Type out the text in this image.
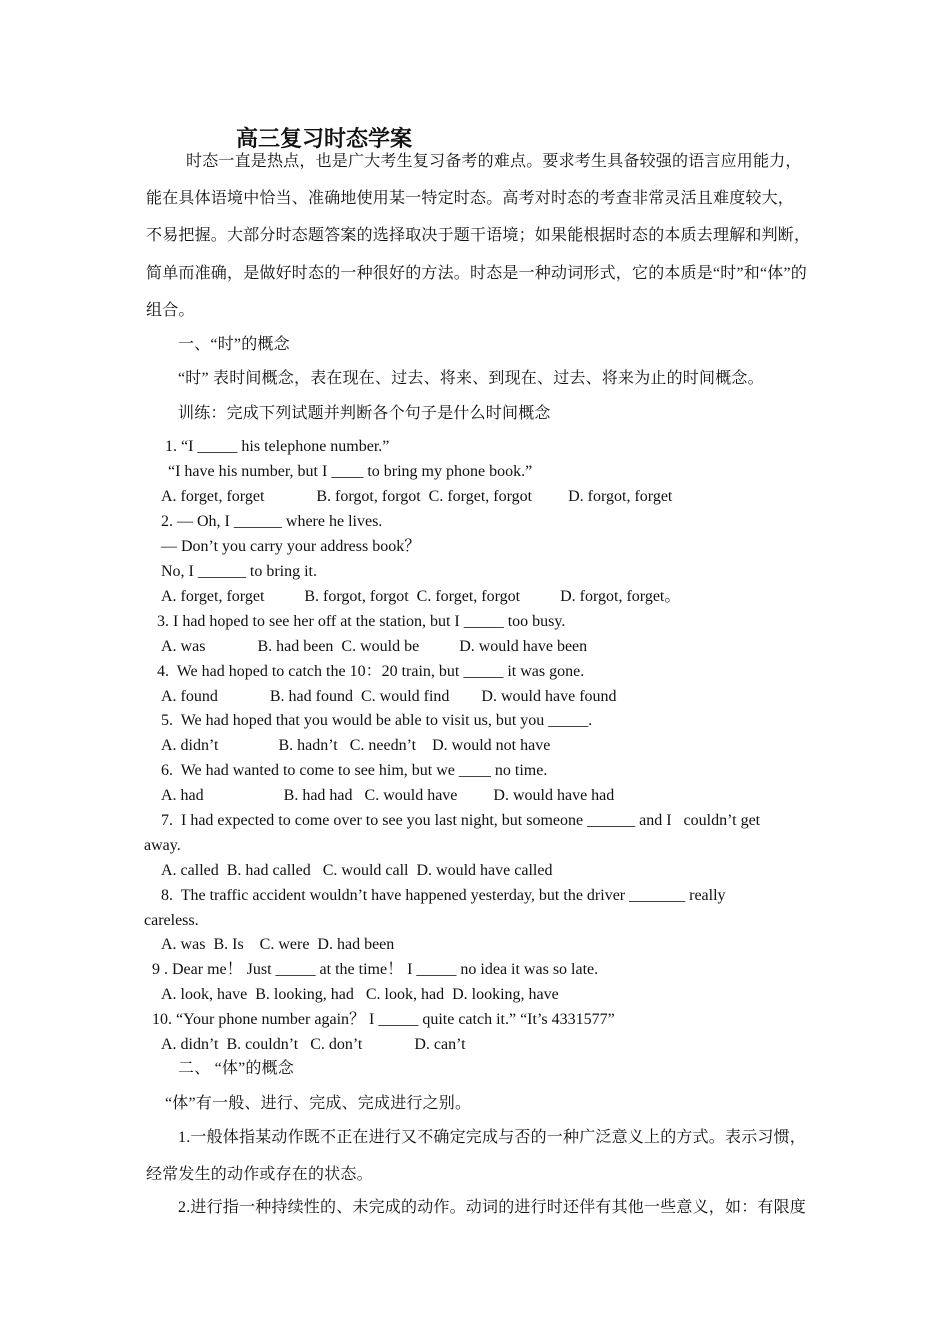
高三复习时态学案
时态一直是热点，也是广大考生复习备考的难点。要求考生具备较强的语言应用能力，
能在具体语境中恰当、准确地使用某一特定时态。高考对时态的考查非常灵活且难度较大，
不易把握。大部分时态题答案的选择取决于题干语境；如果能根据时态的本质去理解和判断，
简单而准确，是做好时态的一种很好的方法。时态是一种动词形式，它的本质是“时”和“体”的
组合。
一、“时”的概念
“时” 表时间概念，表在现在、过去、将来、到现在、过去、将来为止的时间概念。
训练：完成下列试题并判断各个句子是什么时间概念
1. “I _____ his telephone number.”
“I have his number, but I ____ to bring my phone book.”
A. forget, forget             B. forgot, forgot  C. forget, forgot         D. forgot, forget
2. — Oh, I ______ where he lives.
— Don’t you carry your address book？
No, I ______ to bring it.
A. forget, forget          B. forgot, forgot  C. forget, forgot          D. forgot, forget。
3. I had hoped to see her off at the station, but I _____ too busy.
A. was             B. had been  C. would be          D. would have been
4.  We had hoped to catch the 10：20 train, but _____ it was gone.
A. found             B. had found  C. would find        D. would have found
5.  We had hoped that you would be able to visit us, but you _____.
A. didn’t               B. hadn’t   C. needn’t    D. would not have
6.  We had wanted to come to see him, but we ____ no time.
A. had                    B. had had   C. would have         D. would have had
7.  I had expected to come over to see you last night, but someone ______ and I   couldn’t get
away.
A. called  B. had called   C. would call  D. would have called
8.  The traffic accident wouldn’t have happened yesterday, but the driver _______ really
careless.
A. was  B. Is    C. were  D. had been
9 . Dear me！ Just _____ at the time！ I _____ no idea it was so late.
A. look, have  B. looking, had   C. look, had  D. looking, have
10. “Your phone number again？ I _____ quite catch it.” “It’s 4331577”
A. didn’t  B. couldn’t   C. don’t             D. can’t
二、 “体”的概念
“体”有一般、进行、完成、完成进行之别。
1.一般体指某动作既不正在进行又不确定完成与否的一种广泛意义上的方式。表示习惯，
经常发生的动作或存在的状态。
2.进行指一种持续性的、未完成的动作。动词的进行时还伴有其他一些意义，如：有限度
